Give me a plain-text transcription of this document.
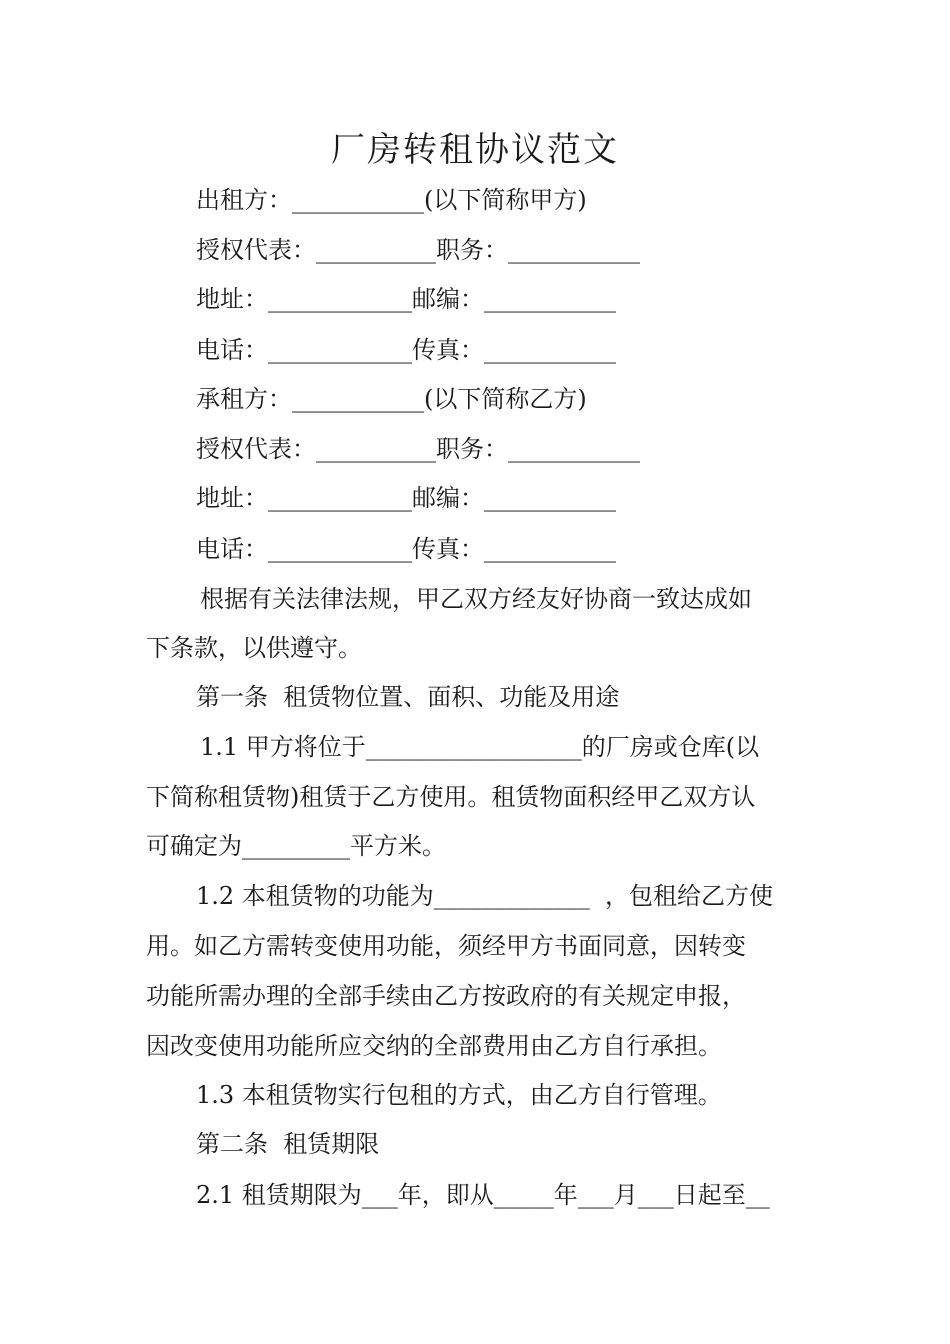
厂房转租协议范文
出租方：___________(以下简称甲方)
授权代表：__________职务：___________
地址：____________邮编：___________
电话：____________传真：___________
承租方：___________(以下简称乙方)
授权代表：__________职务：___________
地址：____________邮编：___________
电话：____________传真：___________
根据有关法律法规，甲乙双方经友好协商一致达成如
下条款，以供遵守。
第一条  租赁物位置、面积、功能及用途
1.1 甲方将位于__________________的厂房或仓库(以
下简称租赁物)租赁于乙方使用。租赁物面积经甲乙双方认
可确定为_________平方米。
1.2 本租赁物的功能为_____________  ，包租给乙方使
用。如乙方需转变使用功能，须经甲方书面同意，因转变
功能所需办理的全部手续由乙方按政府的有关规定申报，
因改变使用功能所应交纳的全部费用由乙方自行承担。
1.3 本租赁物实行包租的方式，由乙方自行管理。
第二条  租赁期限
2.1 租赁期限为___年，即从_____年___月___日起至__
